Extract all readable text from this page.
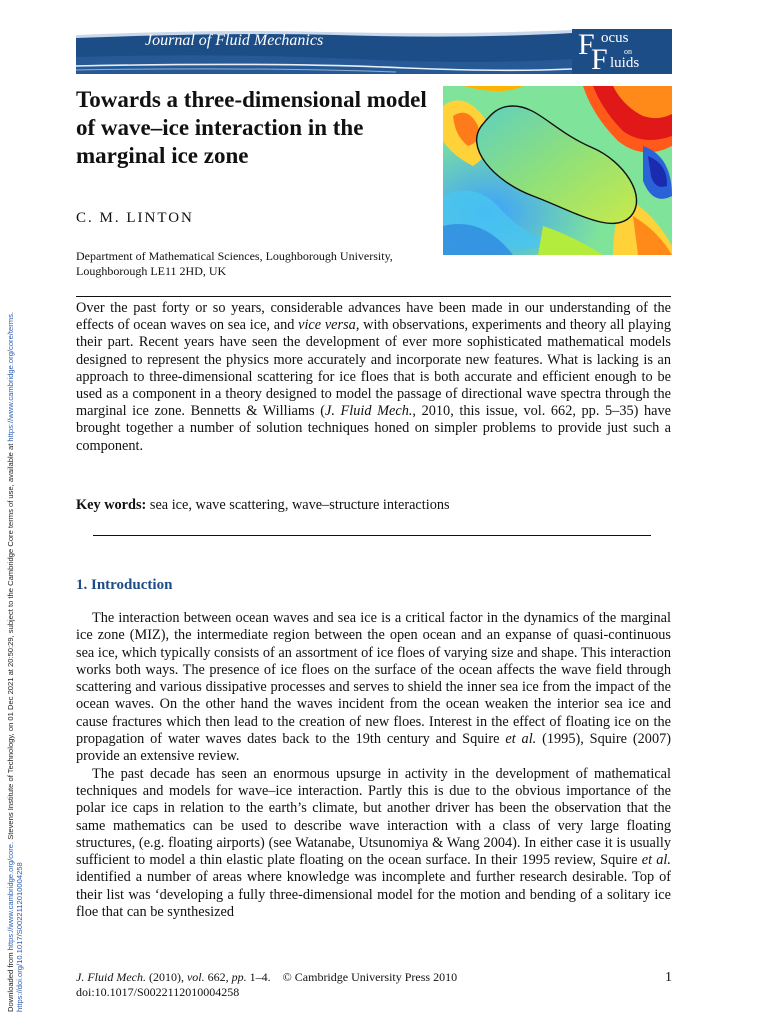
Downloaded from https://www.cambridge.org/core. Stevens Institute of Technology, on 01 Dec 2021 at 20:50:29, subject to the Cambridge Core terms of use, available at https://www.cambridge.org/core/terms.
https://doi.org/10.1017/S0022112010004258
Journal of Fluid Mechanics	F ocus
on
F luids
Towards a three-dimensional model of wave–ice interaction in the marginal ice zone
C. M. LINTON
Department of Mathematical Sciences, Loughborough University, Loughborough LE11 2HD, UK
Over the past forty or so years, considerable advances have been made in our understanding of the effects of ocean waves on sea ice, and vice versa, with observations, experiments and theory all playing their part. Recent years have seen the development of ever more sophisticated mathematical models designed to represent the physics more accurately and incorporate new features. What is lacking is an approach to three-dimensional scattering for ice floes that is both accurate and efficient enough to be used as a component in a theory designed to model the passage of directional wave spectra through the marginal ice zone. Bennetts & Williams (J. Fluid Mech., 2010, this issue, vol. 662, pp. 5–35) have brought together a number of solution techniques honed on simpler problems to provide just such a component.
Key words: sea ice, wave scattering, wave–structure interactions
1. Introduction

The interaction between ocean waves and sea ice is a critical factor in the dynamics of the marginal ice zone (MIZ), the intermediate region between the open ocean and an expanse of quasi-continuous sea ice, which typically consists of an assortment of ice floes of varying size and shape. This interaction works both ways. The presence of ice floes on the surface of the ocean affects the wave field through scattering and various dissipative processes and serves to shield the inner sea ice from the impact of the ocean waves. On the other hand the waves incident from the ocean weaken the interior sea ice and cause fractures which then lead to the creation of new floes. Interest in the effect of floating ice on the propagation of water waves dates back to the 19th century and Squire et al. (1995), Squire (2007) provide an extensive review.

The past decade has seen an enormous upsurge in activity in the development of mathematical techniques and models for wave–ice interaction. Partly this is due to the obvious importance of the polar ice caps in relation to the earth’s climate, but another driver has been the observation that the same mathematics can be used to describe wave interaction with a class of very large floating structures, (e.g. floating airports) (see Watanabe, Utsunomiya & Wang 2004). In either case it is usually sufficient to model a thin elastic plate floating on the ocean surface. In their 1995 review, Squire et al. identified a number of areas where knowledge was incomplete and further research desirable. Top of their list was ‘developing a fully three-dimensional model for the motion and bending of a solitary ice floe that can be synthesized

J. Fluid Mech. (2010), vol. 662, pp. 1–4. © Cambridge University Press 2010
doi:10.1017/S0022112010004258
1
